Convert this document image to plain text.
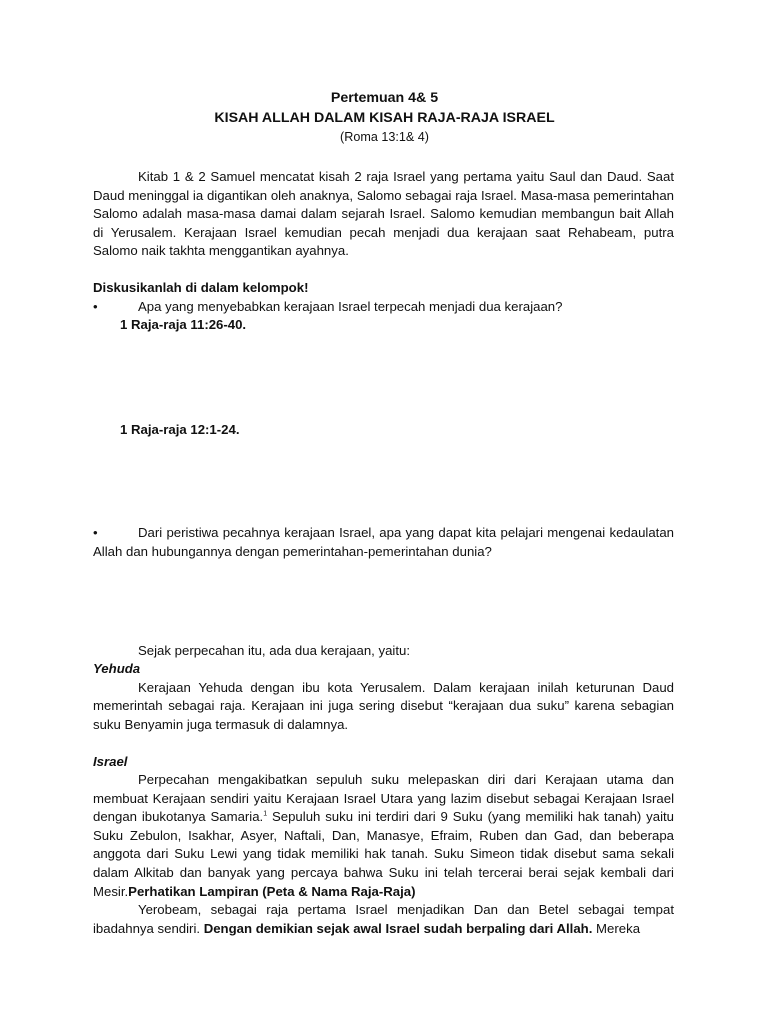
Pertemuan 4& 5
KISAH ALLAH DALAM KISAH RAJA-RAJA ISRAEL
(Roma 13:1& 4)

Kitab 1 & 2 Samuel mencatat kisah 2 raja Israel yang pertama yaitu Saul dan Daud. Saat Daud meninggal ia digantikan oleh anaknya, Salomo sebagai raja Israel. Masa-masa pemerintahan Salomo adalah masa-masa damai dalam sejarah Israel. Salomo kemudian membangun bait Allah di Yerusalem. Kerajaan Israel kemudian pecah menjadi dua kerajaan saat Rehabeam, putra Salomo naik takhta menggantikan ayahnya.

Diskusikanlah di dalam kelompok!

•	Apa yang menyebabkan kerajaan Israel terpecah menjadi dua kerajaan?

1 Raja-raja 11:26-40.

1 Raja-raja 12:1-24.

•	Dari peristiwa pecahnya kerajaan Israel, apa yang dapat kita pelajari mengenai kedaulatan Allah dan hubungannya dengan pemerintahan-pemerintahan dunia?

Sejak perpecahan itu, ada dua kerajaan, yaitu:

Yehuda

Kerajaan Yehuda dengan ibu kota Yerusalem. Dalam kerajaan inilah keturunan Daud memerintah sebagai raja. Kerajaan ini juga sering disebut “kerajaan dua suku” karena sebagian suku Benyamin juga termasuk di dalamnya.

Israel

Perpecahan mengakibatkan sepuluh suku melepaskan diri dari Kerajaan utama dan membuat Kerajaan sendiri yaitu Kerajaan Israel Utara yang lazim disebut sebagai Kerajaan Israel dengan ibukotanya Samaria.$^1$ Sepuluh suku ini terdiri dari 9 Suku (yang memiliki hak tanah) yaitu Suku Zebulon, Isakhar, Asyer, Naftali, Dan, Manasye, Efraim, Ruben dan Gad, dan beberapa anggota dari Suku Lewi yang tidak memiliki hak tanah. Suku Simeon tidak disebut sama sekali dalam Alkitab dan banyak yang percaya bahwa Suku ini telah tercerai berai sejak kembali dari Mesir.Perhatikan Lampiran (Peta & Nama Raja-Raja)

Yerobeam, sebagai raja pertama Israel menjadikan Dan dan Betel sebagai tempat ibadahnya sendiri. Dengan demikian sejak awal Israel sudah berpaling dari Allah. Mereka
